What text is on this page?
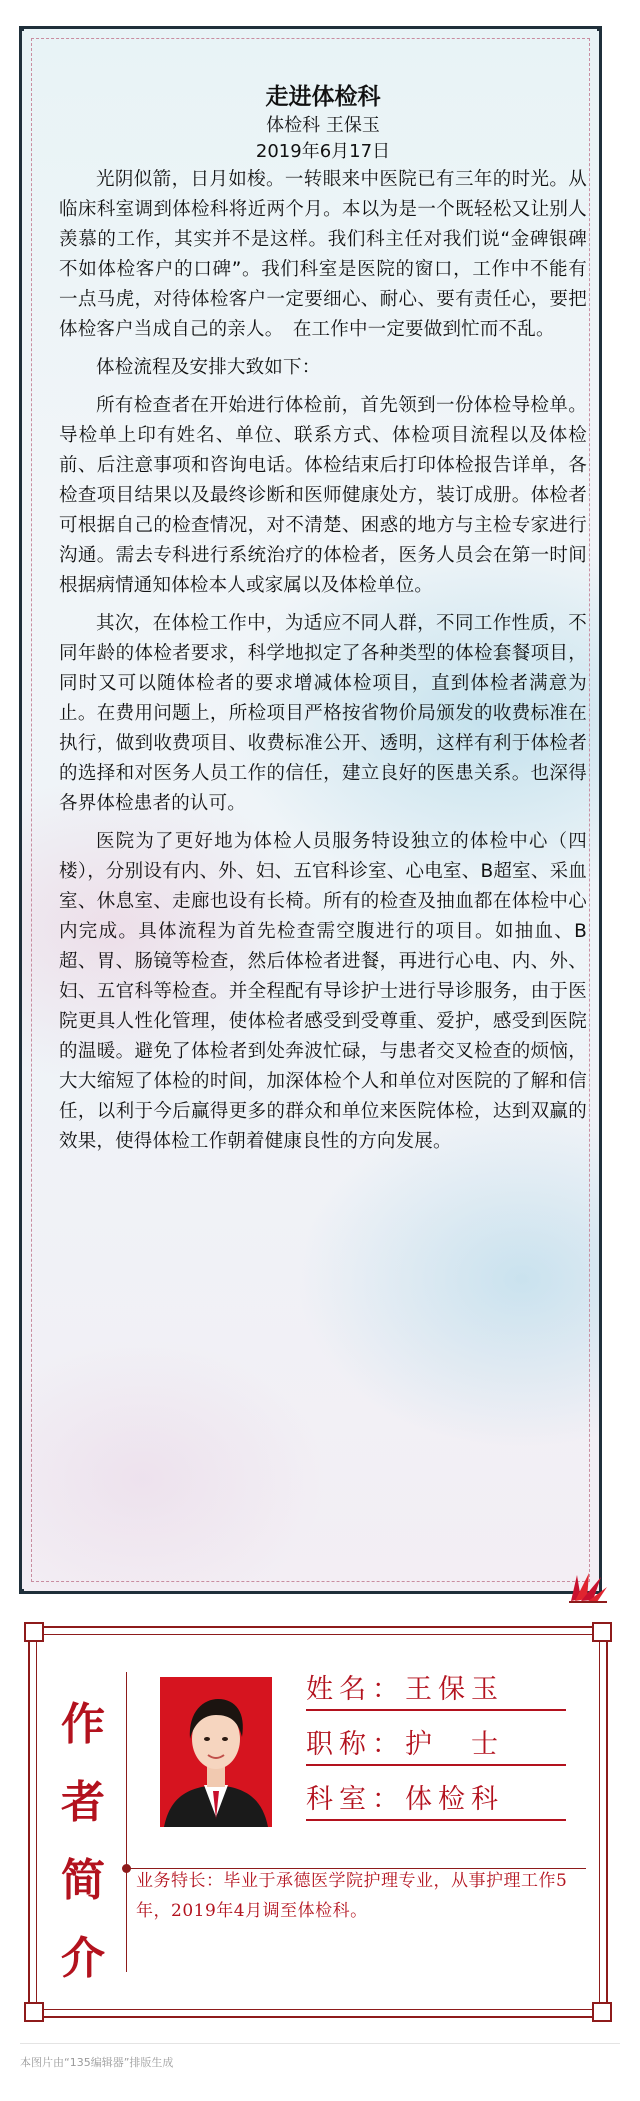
走进体检科
体检科 王保玉
2019年6月17日

光阴似箭，日月如梭。一转眼来中医院已有三年的时光。从临床科室调到体检科将近两个月。本以为是一个既轻松又让别人羡慕的工作，其实并不是这样。我们科主任对我们说“金碑银碑不如体检客户的口碑”。我们科室是医院的窗口，工作中不能有一点马虎，对待体检客户一定要细心、耐心、要有责任心，要把体检客户当成自己的亲人。　在工作中一定要做到忙而不乱。

体检流程及安排大致如下：

所有检查者在开始进行体检前，首先领到一份体检导检单。导检单上印有姓名、单位、联系方式、体检项目流程以及体检前、后注意事项和咨询电话。体检结束后打印体检报告详单，各检查项目结果以及最终诊断和医师健康处方，装订成册。体检者可根据自己的检查情况，对不清楚、困惑的地方与主检专家进行沟通。需去专科进行系统治疗的体检者，医务人员会在第一时间根据病情通知体检本人或家属以及体检单位。

其次，在体检工作中，为适应不同人群，不同工作性质，不同年龄的体检者要求，科学地拟定了各种类型的体检套餐项目，同时又可以随体检者的要求增减体检项目，直到体检者满意为止。在费用问题上，所检项目严格按省物价局颁发的收费标准在执行，做到收费项目、收费标准公开、透明，这样有利于体检者的选择和对医务人员工作的信任，建立良好的医患关系。也深得各界体检患者的认可。

医院为了更好地为体检人员服务特设独立的体检中心（四楼），分别设有内、外、妇、五官科诊室、心电室、B超室、采血室、休息室、走廊也设有长椅。所有的检查及抽血都在体检中心内完成。具体流程为首先检查需空腹进行的项目。如抽血、B超、胃、肠镜等检查，然后体检者进餐，再进行心电、内、外、妇、五官科等检查。并全程配有导诊护士进行导诊服务，由于医院更具人性化管理，使体检者感受到受尊重、爱护，感受到医院的温暖。避免了体检者到处奔波忙碌，与患者交叉检查的烦恼，大大缩短了体检的时间，加深体检个人和单位对医院的了解和信任，以利于今后赢得更多的群众和单位来医院体检，达到双赢的效果，使得体检工作朝着健康良性的方向发展。

作
者
简
介
姓名：王保玉
职称：护　士
科室：体检科
业务特长：毕业于承德医学院护理专业，从事护理工作5年，2019年4月调至体检科。
本图片由“135编辑器”排版生成
